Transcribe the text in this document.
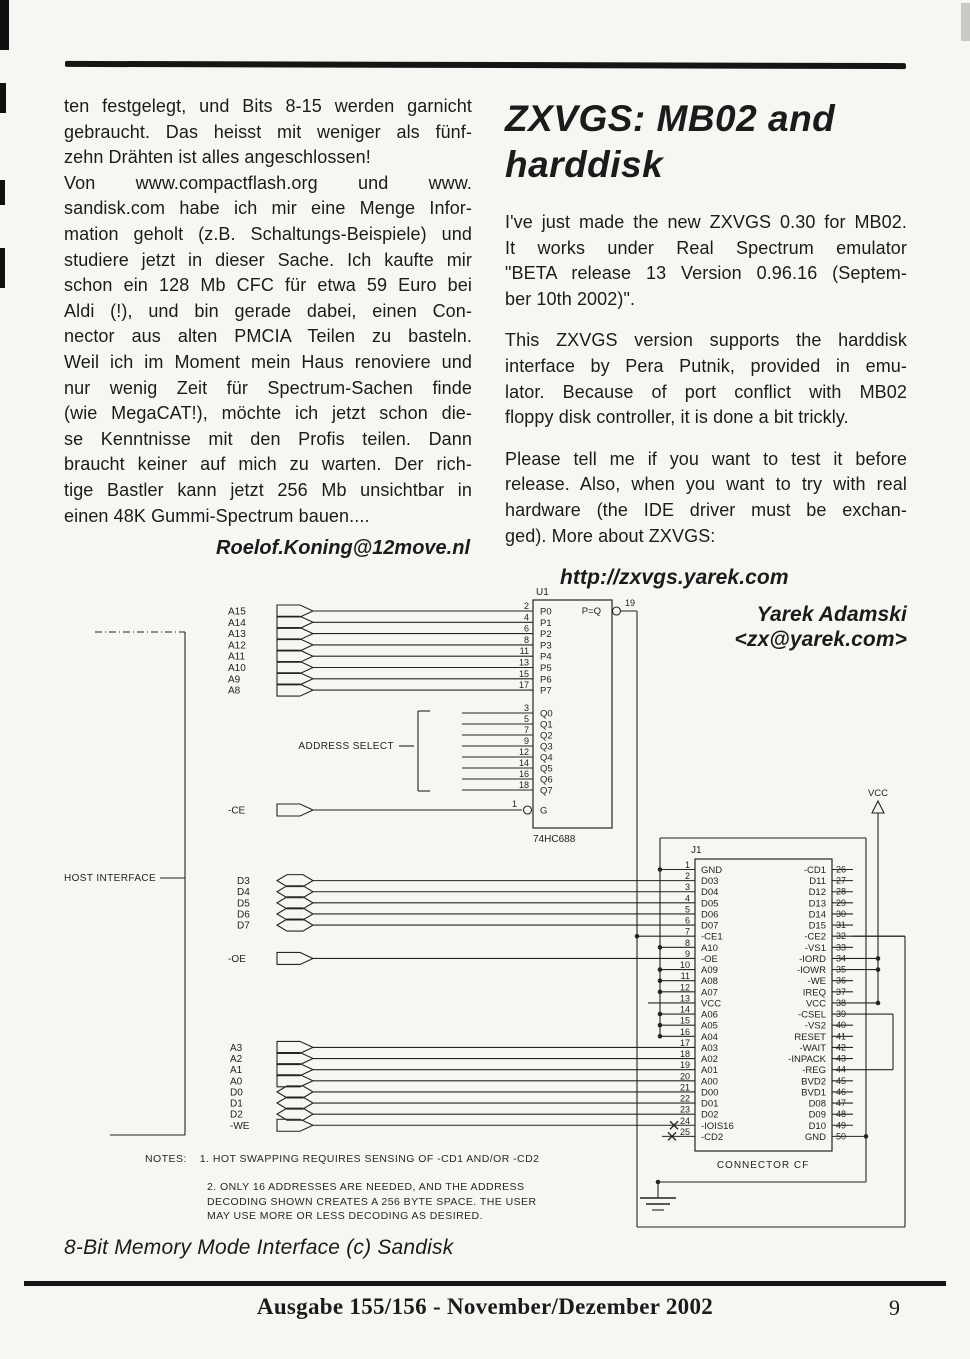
ten festgelegt, und Bits 8-15 werden garnicht
gebraucht. Das heisst mit weniger als fünf-
zehn Drähten ist alles angeschlossen!
Von www.compactflash.org und www.
sandisk.com habe ich mir eine Menge Infor-
mation geholt (z.B. Schaltungs-Beispiele) und
studiere jetzt in dieser Sache. Ich kaufte mir
schon ein 128 Mb CFC für etwa 59 Euro bei
Aldi (!), und bin gerade dabei, einen Con-
nector aus alten PMCIA Teilen zu basteln.
Weil ich im Moment mein Haus renoviere und
nur wenig Zeit für Spectrum-Sachen finde
(wie MegaCAT!), möchte ich jetzt schon die-
se Kenntnisse mit den Profis teilen. Dann
braucht keiner auf mich zu warten. Der rich-
tige Bastler kann jetzt 256 Mb unsichtbar in
einen 48K Gummi-Spectrum bauen....
Roelof.Koning@12move.nl
ZXVGS: MB02 and
harddisk
I've just made the new ZXVGS 0.30 for MB02.
It works under Real Spectrum emulator
"BETA release 13 Version 0.96.16 (Septem-
ber 10th 2002)".
This ZXVGS version supports the harddisk
interface by Pera Putnik, provided in emu-
lator. Because of port conflict with MB02
floppy disk controller, it is done a bit trickly.
Please tell me if you want to test it before
release. Also, when you want to try with real
hardware (the IDE driver must be exchan-
ged). More about ZXVGS:
http://zxvgs.yarek.com
Yarek Adamski
<zx@yarek.com>
HOST INTERFACE
U1
74HC688
A15
2
P0
A14
4
P1
A13
6
P2
A12
8
P3
A11
11
P4
A10
13
P5
A9
15
P6
A8
17
P7
3
Q0
5
Q1
7
Q2
9
Q3
12
Q4
14
Q5
16
Q6
18
Q7
ADDRESS SELECT
-CE
1
G
P=Q
19
D3
D4
D5
D6
D7
-OE
A3
A2
A1
A0
D0
D1
D2
-WE
J1
CONNECTOR CF
1 GND
2 D03
3 D04
4 D05
5 D06
6 D07
7 -CE1
8 A10
9 -OE
10 A09
11 A08
12 A07
13 VCC
14 A06
15
A05
16 A04
17 A03
18 A02
19 A01
20 A00
21 D00
22 D01
23 D02
24 -IOIS16
25 -CD2
26
-CD1
27
D11
28
D12
29
D13
30
D14
31
D15
32
-CE2
33
-VS1
34
-IORD
35
-IOWR
36
-WE
37
IREQ
38
VCC
39
-CSEL
40
-VS2
41
RESET
42
-WAIT
43
-INPACK
44
-REG
45
BVD2
46
BVD1
47
D08
48
D09
49
D10
50
GND
VCC
NOTES: 1. HOT SWAPPING REQUIRES SENSING OF -CD1 AND/OR -CD2
2. ONLY 16 ADDRESSES ARE NEEDED, AND THE ADDRESS
DECODING SHOWN CREATES A 256 BYTE SPACE. THE USER
MAY USE MORE OR LESS DECODING AS DESIRED.
8-Bit Memory Mode Interface (c) Sandisk
Ausgabe 155/156 - November/Dezember 2002	9
